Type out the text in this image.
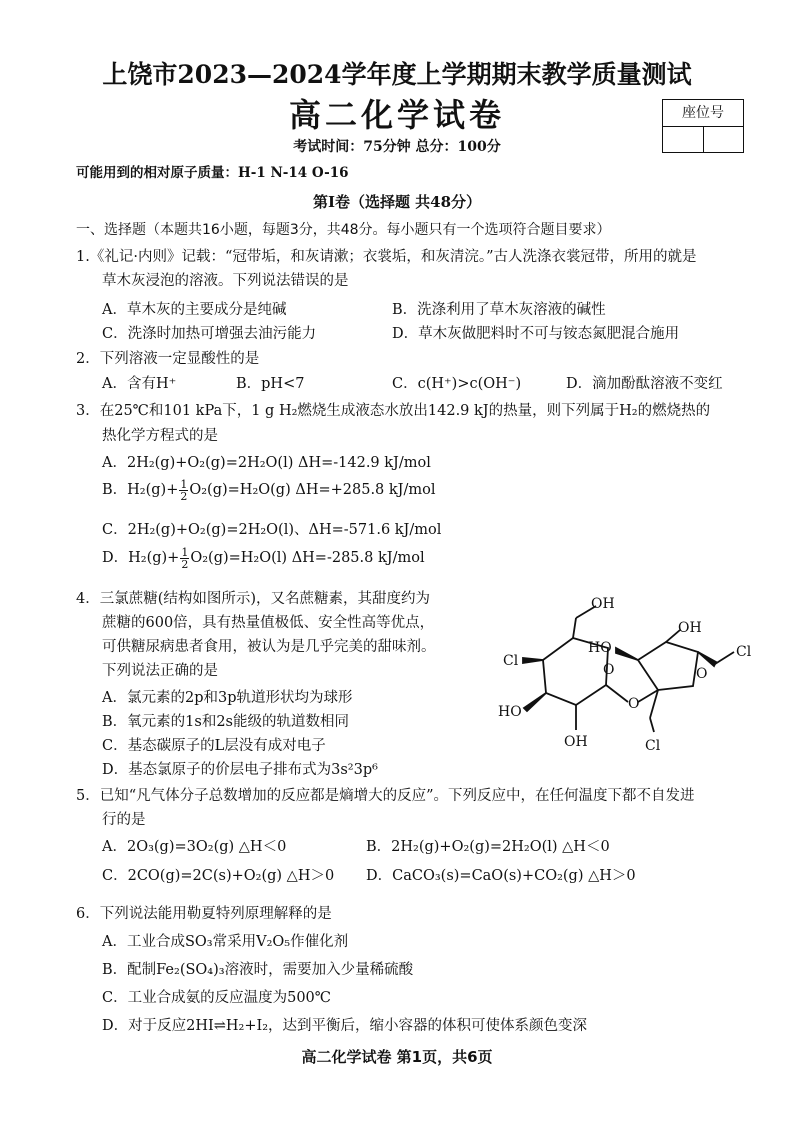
上饶市2023—2024学年度上学期期末教学质量测试
高二化学试卷	座位号
考试时间：75分钟 总分：100分
可能用到的相对原子质量：H-1 N-14 O-16
第Ⅰ卷（选择题 共48分）
一、选择题（本题共16小题，每题3分，共48分。每小题只有一个选项符合题目要求）
1.《礼记·内则》记载：“冠带垢，和灰请漱；衣裳垢，和灰清浣。”古人洗涤衣裳冠带，所用的就是
草木灰浸泡的溶液。下列说法错误的是
A．草木灰的主要成分是纯碱	B．洗涤利用了草木灰溶液的碱性
C．洗涤时加热可增强去油污能力	D．草木灰做肥料时不可与铵态氮肥混合施用
2．下列溶液一定显酸性的是
A．含有H⁺	B．pH<7	C．c(H⁺)>c(OH⁻)	D．滴加酚酞溶液不变红
3．在25℃和101 kPa下，1 g H₂燃烧生成液态水放出142.9 kJ的热量，则下列属于H₂的燃烧热的
热化学方程式的是
A．2H₂(g)+O₂(g)=2H₂O(l) ΔH=-142.9 kJ/mol
B．$H_2(g)+ \frac{1}{2} O_2(g)=H_2O(g)$ ΔH=+285.8 kJ/mol
C．2H₂(g)+O₂(g)=2H₂O(l)、ΔH=-571.6 kJ/mol
D．$H_2(g)+ \frac{1}{2} O_2(g)=H_2O(l)$ ΔH=-285.8 kJ/mol
4．三氯蔗糖(结构如图所示)，又名蔗糖素，其甜度约为
蔗糖的600倍，具有热量值极低、安全性高等优点，
可供糖尿病患者食用，被认为是几乎完美的甜味剂。
下列说法正确的是
A．氯元素的2p和3p轨道形状均为球形
B．氧元素的1s和2s能级的轨道数相同
C．基态碳原子的L层没有成对电子
D．基态氯原子的价层电子排布式为3s²3p⁶
OH
OH
Cl
Cl
HO
HO
O
O
O
OH	Cl
5．已知“凡气体分子总数增加的反应都是熵增大的反应”。下列反应中，在任何温度下都不自发进
行的是
A．2O₃(g)=3O₂(g) △H＜0	B．2H₂(g)+O₂(g)=2H₂O(l) △H＜0
C．2CO(g)=2C(s)+O₂(g) △H＞0 D．CaCO₃(s)=CaO(s)+CO₂(g) △H＞0
6．下列说法能用勒夏特列原理解释的是
A．工业合成SO₃常采用V₂O₅作催化剂
B．配制Fe₂(SO₄)₃溶液时，需要加入少量稀硫酸
C．工业合成氨的反应温度为500℃
D．对于反应2HI⇌H₂+I₂，达到平衡后，缩小容器的体积可使体系颜色变深
高二化学试卷 第1页，共6页
